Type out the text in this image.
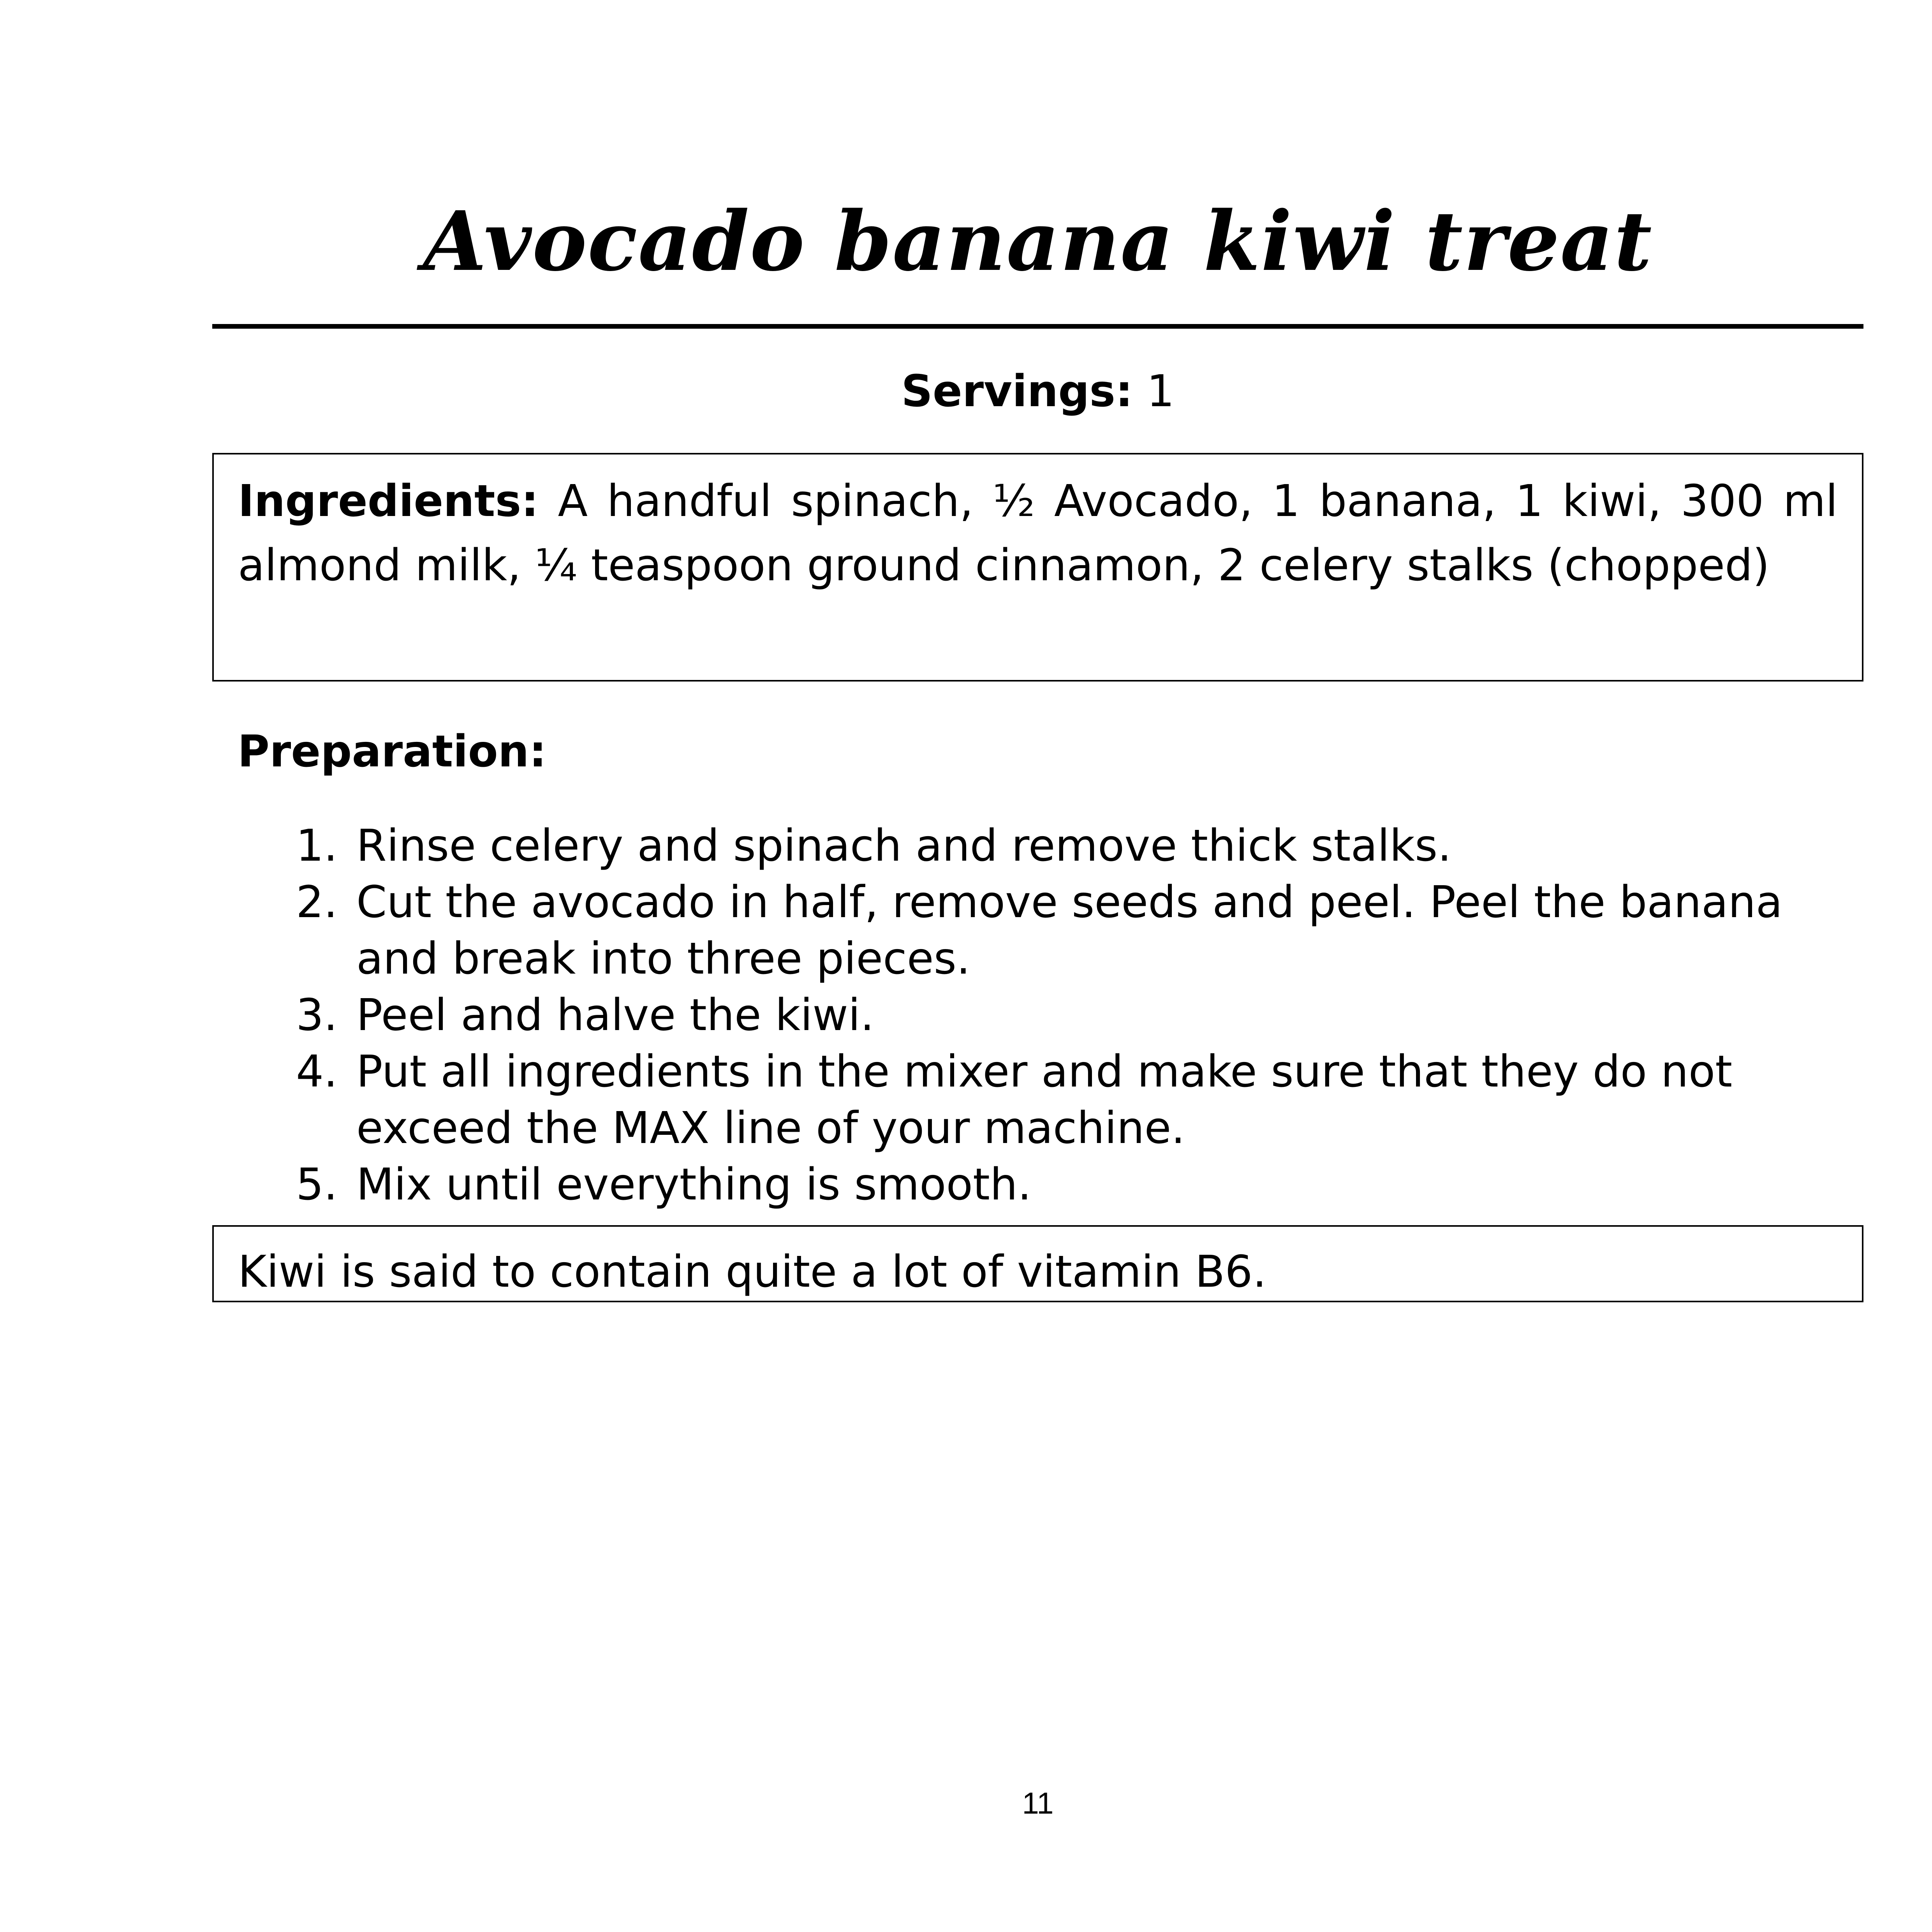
Avocado banana kiwi treat
Servings: 1
Ingredients: A handful spinach, ½ Avocado, 1 banana, 1 kiwi, 300 ml almond milk, ¼ teaspoon ground cinnamon, 2 celery stalks (chopped)
Preparation:
1. Rinse celery and spinach and remove thick stalks.
2. Cut the avocado in half, remove seeds and peel. Peel the banana and break into three pieces.
3. Peel and halve the kiwi.
4. Put all ingredients in the mixer and make sure that they do not exceed the MAX line of your machine.
5. Mix until everything is smooth.
Kiwi is said to contain quite a lot of vitamin B6.
11
